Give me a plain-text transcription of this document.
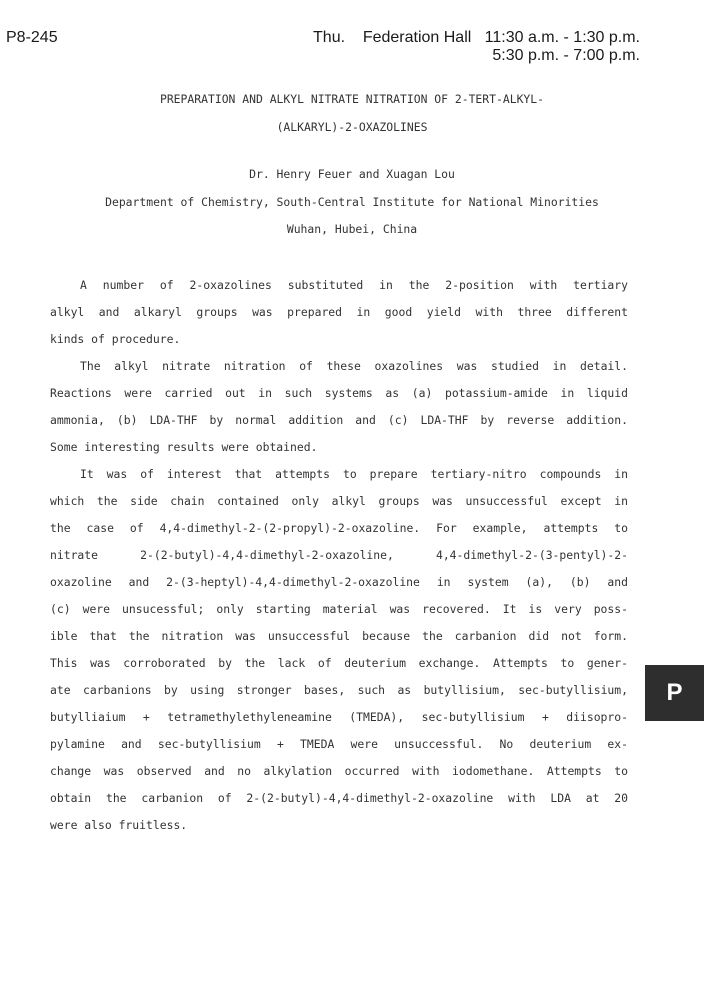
P8-245	Thu.
Federation Hall
11:30 a.m. - 1:30 p.m.
5:30 p.m. - 7:00 p.m.
PREPARATION AND ALKYL NITRATE NITRATION OF 2-TERT-ALKYL-
(ALKARYL)-2-OXAZOLINES
Dr. Henry Feuer and Xuagan Lou
Department of Chemistry, South-Central Institute for National Minorities
Wuhan, Hubei, China
A number of 2-oxazolines substituted in the 2-position with tertiary
alkyl and alkaryl groups was prepared in good yield with three different
kinds of procedure.
The alkyl nitrate nitration of these oxazolines was studied in detail.
Reactions were carried out in such systems as (a) potassium-amide in liquid
ammonia, (b) LDA-THF by normal addition and (c) LDA-THF by reverse addition.
Some interesting results were obtained.
It was of interest that attempts to prepare tertiary-nitro compounds in
which the side chain contained only alkyl groups was unsuccessful except in
the case of 4,4-dimethyl-2-(2-propyl)-2-oxazoline. For example, attempts to
nitrate 2-(2-butyl)-4,4-dimethyl-2-oxazoline, 4,4-dimethyl-2-(3-pentyl)-2-
oxazoline and 2-(3-heptyl)-4,4-dimethyl-2-oxazoline in system (a), (b) and
(c) were unsucessful; only starting material was recovered. It is very poss-
ible that the nitration was unsuccessful because the carbanion did not form.
This was corroborated by the lack of deuterium exchange. Attempts to gener-
ate carbanions by using stronger bases, such as butyllisium, sec-butyllisium,
butylliaium + tetramethylethyleneamine (TMEDA), sec-butyllisium + diisopro-
pylamine and sec-butyllisium + TMEDA were unsuccessful. No deuterium ex-
change was observed and no alkylation occurred with iodomethane. Attempts to
obtain the carbanion of 2-(2-butyl)-4,4-dimethyl-2-oxazoline with LDA at 20
were also fruitless.
P
